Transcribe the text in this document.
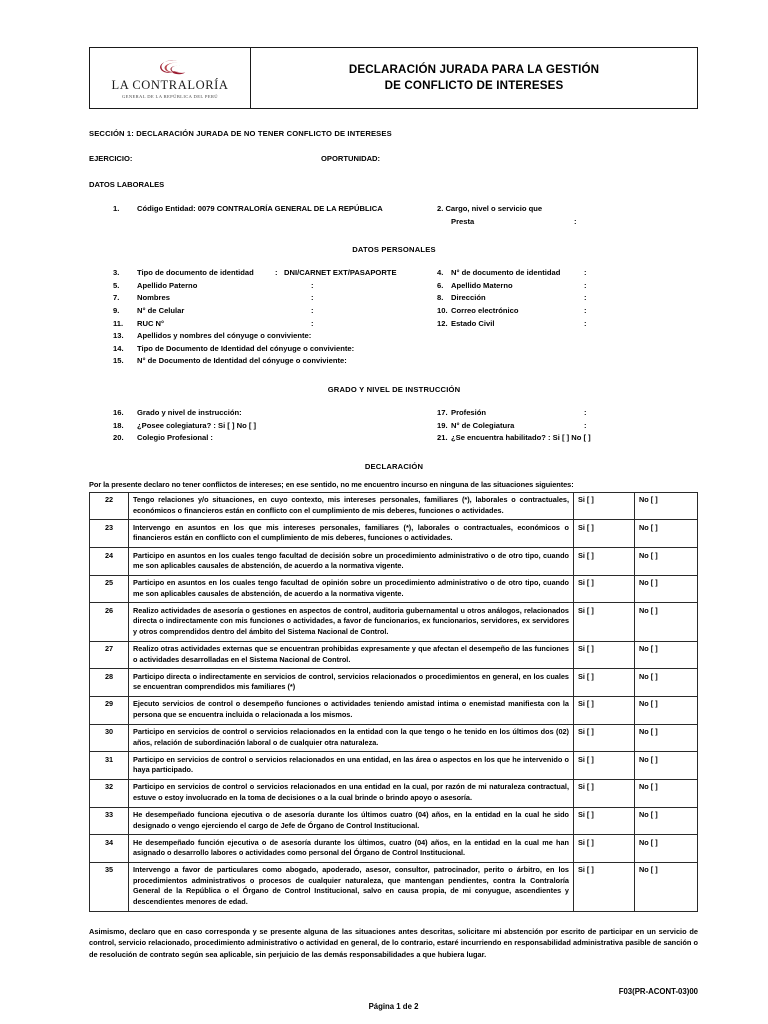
LA CONTRALORÍA
GENERAL DE LA REPÚBLICA DEL PERÚ
DECLARACIÓN JURADA PARA LA GESTIÓN
DE CONFLICTO DE INTERESES
SECCIÓN 1: DECLARACIÓN JURADA DE NO TENER CONFLICTO DE INTERESES
EJERCICIO:	OPORTUNIDAD:
DATOS LABORALES
1.	Código Entidad: 0079 CONTRALORÍA GENERAL DE LA REPÚBLICA	2. Cargo, nivel o servicio que
Presta	:
DATOS PERSONALES
3.	Tipo de documento de identidad	: DNI/CARNET EXT/PASAPORTE	4. N° de documento de identidad	:
5.	Apellido Paterno	:	6. Apellido Materno	:
7.	Nombres	:	8. Dirección	:
9.	N° de Celular	:	10. Correo electrónico	:
11.	RUC N°	:	12. Estado Civil	:
13.	Apellidos y nombres del cónyuge o conviviente:
14.	Tipo de Documento de Identidad del cónyuge o conviviente:
15.	N° de Documento de Identidad del cónyuge o conviviente:
GRADO Y NIVEL DE INSTRUCCIÓN
16.	Grado y nivel de instrucción:	17. Profesión	:
18.	¿Posee colegiatura? : Si [ ] No [ ]	19. N° de Colegiatura	:
20.	Colegio Profesional :	21. ¿Se encuentra habilitado? : Si [ ] No [ ]
DECLARACIÓN
Por la presente declaro no tener conflictos de intereses; en ese sentido, no me encuentro incurso en ninguna de las situaciones siguientes:
22	Tengo relaciones y/o situaciones, en cuyo contexto, mis intereses personales, familiares (*), laborales o contractuales, económicos o financieros están en conflicto con el cumplimiento de mis deberes, funciones o actividades.	Si [ ]	No [ ]
23	Intervengo en asuntos en los que mis intereses personales, familiares (*), laborales o contractuales, económicos o financieros están en conflicto con el cumplimiento de mis deberes, funciones o actividades.	Si [ ]	No [ ]
24	Participo en asuntos en los cuales tengo facultad de decisión sobre un procedimiento administrativo o de otro tipo, cuando me son aplicables causales de abstención, de acuerdo a la normativa vigente.	Si [ ]	No [ ]
25	Participo en asuntos en los cuales tengo facultad de opinión sobre un procedimiento administrativo o de otro tipo, cuando me son aplicables causales de abstención, de acuerdo a la normativa vigente.	Si [ ]	No [ ]
26	Realizo actividades de asesoría o gestiones en aspectos de control, auditoria gubernamental u otros análogos, relacionados directa o indirectamente con mis funciones o actividades, a favor de funcionarios, ex funcionarios, servidores, ex servidores y otros comprendidos dentro del ámbito del Sistema Nacional de Control.	Si [ ]	No [ ]
27	Realizo otras actividades externas que se encuentran prohibidas expresamente y que afectan el desempeño de las funciones o actividades desarrolladas en el Sistema Nacional de Control.	Si [ ]	No [ ]
28	Participo directa o indirectamente en servicios de control, servicios relacionados o procedimientos en general, en los cuales se encuentran comprendidos mis familiares (*)	Si [ ]	No [ ]
29	Ejecuto servicios de control o desempeño funciones o actividades teniendo amistad intima o enemistad manifiesta con la persona que se encuentra incluida o relacionada a los mismos.	Si [ ]	No [ ]
30	Participo en servicios de control o servicios relacionados en la entidad con la que tengo o he tenido en los últimos dos (02) años, relación de subordinación laboral o de cualquier otra naturaleza.	Si [ ]	No [ ]
31	Participo en servicios de control o servicios relacionados en una entidad, en las área o aspectos en los que he intervenido o haya participado.	Si [ ]	No [ ]
32	Participo en servicios de control o servicios relacionados en una entidad en la cual, por razón de mi naturaleza contractual, estuve o estoy involucrado en la toma de decisiones o a la cual brinde o brindo apoyo o asesoría.	Si [ ]	No [ ]
33	He desempeñado funciona ejecutiva o de asesoría durante los últimos cuatro (04) años, en la entidad en la cual he sido designado o vengo ejerciendo el cargo de Jefe de Órgano de Control Institucional.	Si [ ]	No [ ]
34	He desempeñado función ejecutiva o de asesoría durante los últimos, cuatro (04) años, en la entidad en la cual me han asignado o desarrollo labores o actividades como personal del Órgano de Control Institucional.	Si [ ]	No [ ]
35	Intervengo a favor de particulares como abogado, apoderado, asesor, consultor, patrocinador, perito o árbitro, en los procedimientos administrativos o procesos de cualquier naturaleza, que mantengan pendientes, contra la Contraloría General de la República o el Órgano de Control Institucional, salvo en causa propia, de mi conyugue, ascendientes y descendientes menores de edad.	Si [ ]	No [ ]
Asimismo, declaro que en caso corresponda y se presente alguna de las situaciones antes descritas, solicitare mi abstención por escrito de participar en un servicio de control, servicio relacionado, procedimiento administrativo o actividad en general, de lo contrario, estaré incurriendo en responsabilidad administrativa pasible de sanción o de resolución de contrato según sea aplicable, sin perjuicio de las demás responsabilidades a que hubiera lugar.
F03(PR-ACONT-03)00
Página 1 de 2
